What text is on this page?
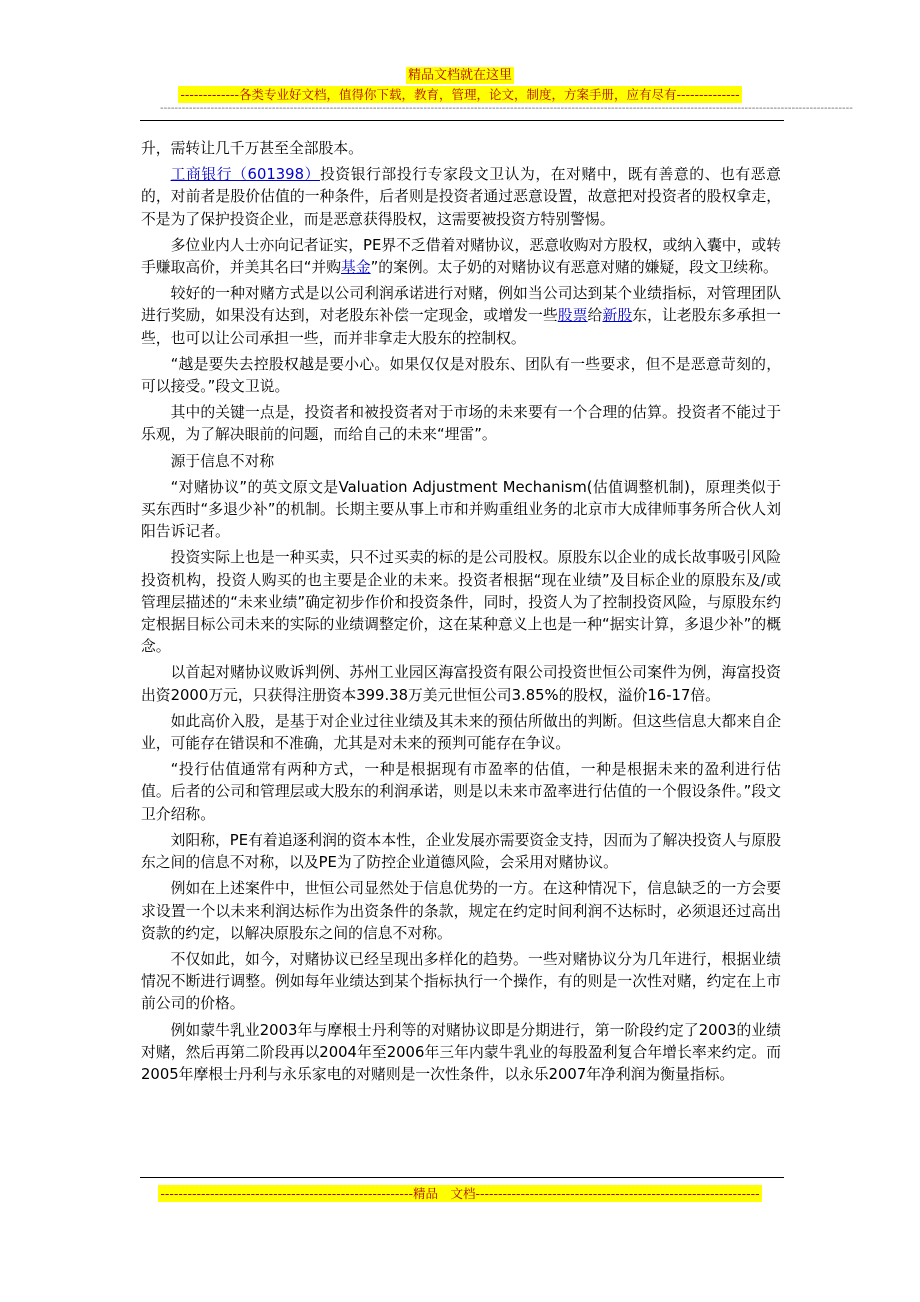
精品文档就在这里
-------------各类专业好文档，值得你下载，教育，管理，论文，制度，方案手册，应有尽有--------------
------------------------------------------------------------------------------------------------------------------------------------------------------------------------------------------------

升，需转让几千万甚至全部股本。

工商银行（601398）投资银行部投行专家段文卫认为，在对赌中，既有善意的、也有恶意的，对前者是股价估值的一种条件，后者则是投资者通过恶意设置，故意把对投资者的股权拿走，不是为了保护投资企业，而是恶意获得股权，这需要被投资方特别警惕。

多位业内人士亦向记者证实，PE界不乏借着对赌协议，恶意收购对方股权，或纳入囊中，或转手赚取高价，并美其名曰“并购基金”的案例。太子奶的对赌协议有恶意对赌的嫌疑，段文卫续称。

较好的一种对赌方式是以公司利润承诺进行对赌，例如当公司达到某个业绩指标，对管理团队进行奖励，如果没有达到，对老股东补偿一定现金，或增发一些股票给新股东，让老股东多承担一些，也可以让公司承担一些，而并非拿走大股东的控制权。

“越是要失去控股权越是要小心。如果仅仅是对股东、团队有一些要求，但不是恶意苛刻的，可以接受。”段文卫说。

其中的关键一点是，投资者和被投资者对于市场的未来要有一个合理的估算。投资者不能过于乐观，为了解决眼前的问题，而给自己的未来“埋雷”。

源于信息不对称

“对赌协议”的英文原文是Valuation Adjustment Mechanism(估值调整机制)，原理类似于买东西时“多退少补”的机制。长期主要从事上市和并购重组业务的北京市大成律师事务所合伙人刘阳告诉记者。

投资实际上也是一种买卖，只不过买卖的标的是公司股权。原股东以企业的成长故事吸引风险投资机构，投资人购买的也主要是企业的未来。投资者根据“现在业绩”及目标企业的原股东及/或管理层描述的“未来业绩”确定初步作价和投资条件，同时，投资人为了控制投资风险，与原股东约定根据目标公司未来的实际的业绩调整定价，这在某种意义上也是一种“据实计算，多退少补”的概念。

以首起对赌协议败诉判例、苏州工业园区海富投资有限公司投资世恒公司案件为例，海富投资出资2000万元，只获得注册资本399.38万美元世恒公司3.85%的股权，溢价16-17倍。

如此高价入股，是基于对企业过往业绩及其未来的预估所做出的判断。但这些信息大都来自企业，可能存在错误和不准确，尤其是对未来的预判可能存在争议。

“投行估值通常有两种方式，一种是根据现有市盈率的估值，一种是根据未来的盈利进行估值。后者的公司和管理层或大股东的利润承诺，则是以未来市盈率进行估值的一个假设条件。”段文卫介绍称。

刘阳称，PE有着追逐利润的资本本性，企业发展亦需要资金支持，因而为了解决投资人与原股东之间的信息不对称，以及PE为了防控企业道德风险，会采用对赌协议。

例如在上述案件中，世恒公司显然处于信息优势的一方。在这种情况下，信息缺乏的一方会要求设置一个以未来利润达标作为出资条件的条款，规定在约定时间利润不达标时，必须退还过高出资款的约定，以解决原股东之间的信息不对称。

不仅如此，如今，对赌协议已经呈现出多样化的趋势。一些对赌协议分为几年进行，根据业绩情况不断进行调整。例如每年业绩达到某个指标执行一个操作，有的则是一次性对赌，约定在上市前公司的价格。

例如蒙牛乳业2003年与摩根士丹利等的对赌协议即是分期进行，第一阶段约定了2003的业绩对赌，然后再第二阶段再以2004年至2006年三年内蒙牛乳业的每股盈利复合年增长率来约定。而2005年摩根士丹利与永乐家电的对赌则是一次性条件，以永乐2007年净利润为衡量指标。

--------------------------------------------------------精品　文档---------------------------------------------------------------
